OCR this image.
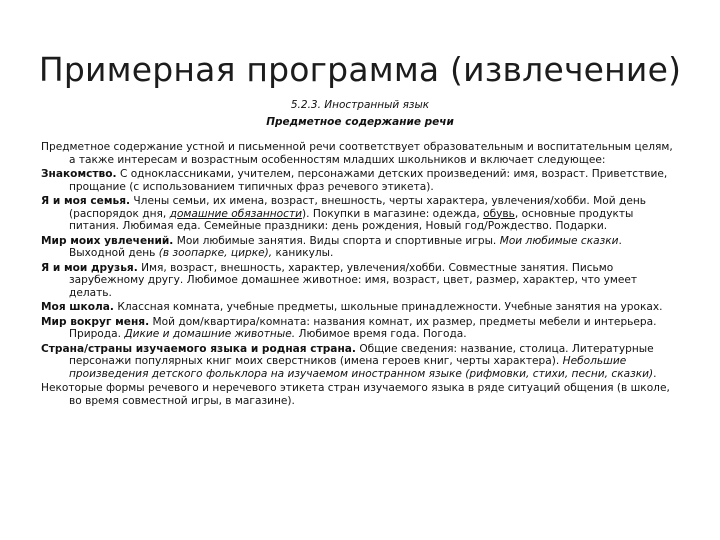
Примерная программа (извлечение)
5.2.3. Иностранный язык
Предметное содержание речи

Предметное содержание устной и письменной речи соответствует образовательным и воспитательным целям, а также интересам и возрастным особенностям младших школьников и включает следующее:

Знакомство. С одноклассниками, учителем, персонажами детских произведений: имя, возраст. Приветствие, прощание (с использованием типичных фраз речевого этикета).

Я и моя семья. Члены семьи, их имена, возраст, внешность, черты характера, увлечения/хобби. Мой день (распорядок дня, домашние обязанности). Покупки в магазине: одежда, обувь, основные продукты питания. Любимая еда. Семейные праздники: день рождения, Новый год/Рождество. Подарки.

Мир моих увлечений. Мои любимые занятия. Виды спорта и спортивные игры. Мои любимые сказки. Выходной день (в зоопарке, цирке), каникулы.

Я и мои друзья. Имя, возраст, внешность, характер, увлечения/хобби. Совместные занятия. Письмо зарубежному другу. Любимое домашнее животное: имя, возраст, цвет, размер, характер, что умеет делать.

Моя школа. Классная комната, учебные предметы, школьные принадлежности. Учебные занятия на уроках.

Мир вокруг меня. Мой дом/квартира/комната: названия комнат, их размер, предметы мебели и интерьера. Природа. Дикие и домашние животные. Любимое время года. Погода.

Страна/страны изучаемого языка и родная страна. Общие сведения: название, столица. Литературные персонажи популярных книг моих сверстников (имена героев книг, черты характера). Небольшие произведения детского фольклора на изучаемом иностранном языке (рифмовки, стихи, песни, сказки).

Некоторые формы речевого и неречевого этикета стран изучаемого языка в ряде ситуаций общения (в школе, во время совместной игры, в магазине).
